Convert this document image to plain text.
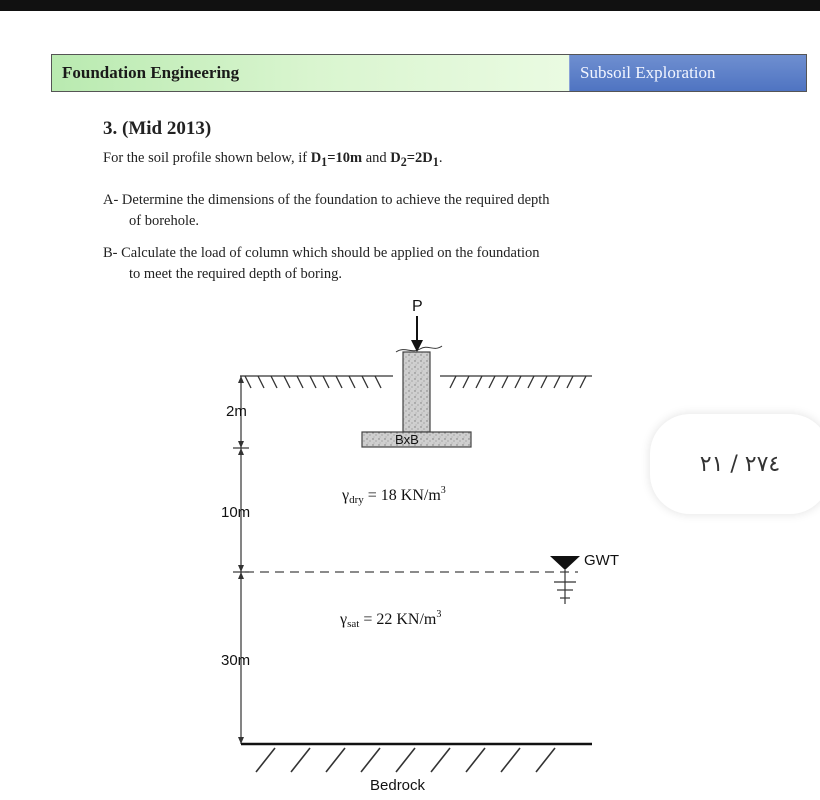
Foundation Engineering	Subsoil Exploration
3. (Mid 2013)
For the soil profile shown below, if $D_1=10m$ and $D_2=2D_1$.
A- Determine the dimensions of the foundation to achieve the required depth
of borehole.
B- Calculate the load of column which should be applied on the foundation
to meet the required depth of boring.
P
BxB
2m
10m
30m
γdry = 18 $KN/m^3$
γsat = 22 $KN/m^3$
GWT
Bedrock
٢٧٤ / ٢١
